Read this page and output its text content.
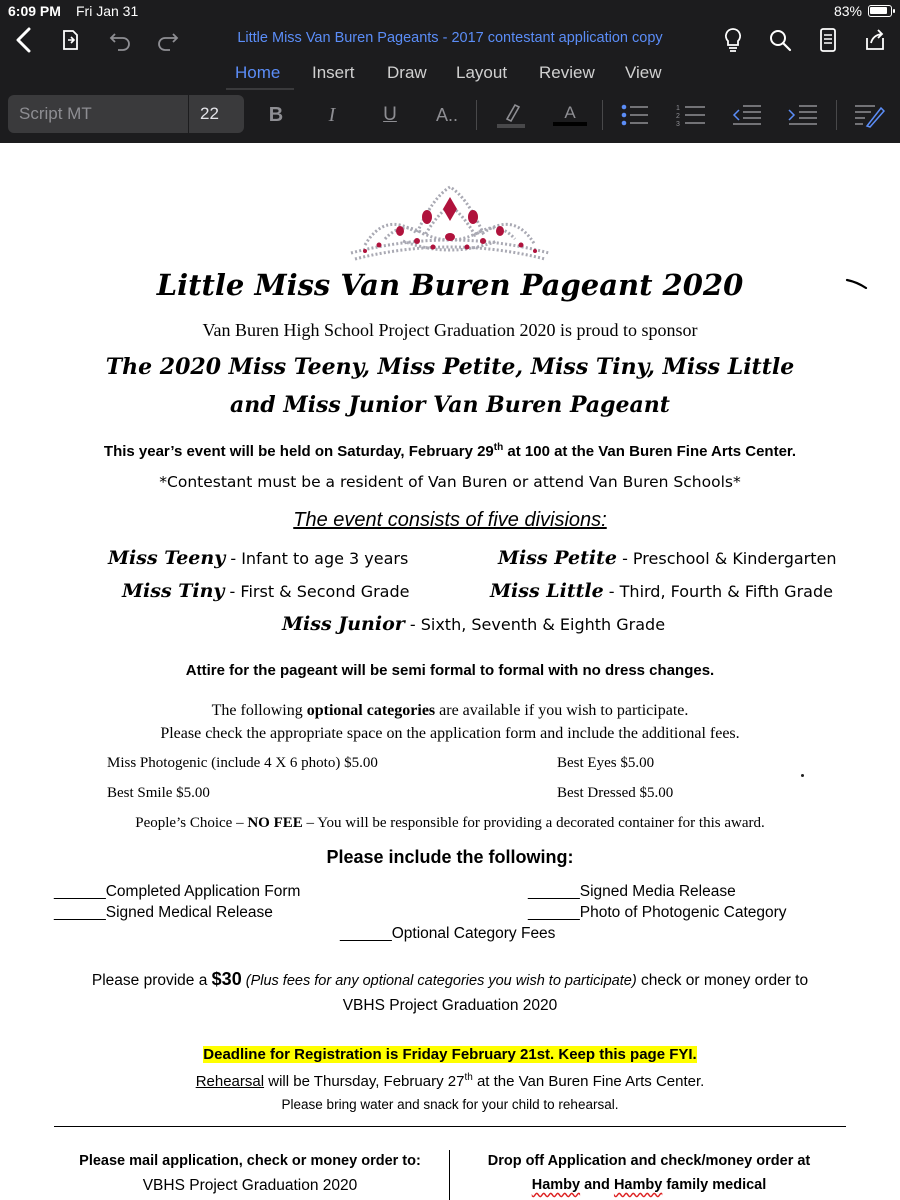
6:09 PM Fri Jan 31	83%
Little Miss Van Buren Pageants - 2017 contestant application copy
Home Insert Draw Layout Review View
Script MT	22 B	I	U A..	A	1
2
3
Little Miss Van Buren Pageant 2020
Van Buren High School Project Graduation 2020 is proud to sponsor
The 2020 Miss Teeny, Miss Petite, Miss Tiny, Miss Little
and Miss Junior Van Buren Pageant
This year’s event will be held on Saturday, February 29th at 100 at the Van Buren Fine Arts Center.
*Contestant must be a resident of Van Buren or attend Van Buren Schools*
The event consists of five divisions:
Miss Teeny - Infant to age 3 years	Miss Petite - Preschool & Kindergarten
Miss Tiny - First & Second Grade	Miss Little - Third, Fourth & Fifth Grade
Miss Junior - Sixth, Seventh & Eighth Grade
Attire for the pageant will be semi formal to formal with no dress changes.
The following optional categories are available if you wish to participate.
Please check the appropriate space on the application form and include the additional fees.
Miss Photogenic (include 4 X 6 photo) $5.00	Best Eyes $5.00
Best Smile $5.00	Best Dressed $5.00
People’s Choice – NO FEE – You will be responsible for providing a decorated container for this award.
Please include the following:
______Completed Application Form	______Signed Media Release
______Signed Medical Release	______Photo of Photogenic Category
______Optional Category Fees
Please provide a $30 (Plus fees for any optional categories you wish to participate) check or money order to
VBHS Project Graduation 2020
Deadline for Registration is Friday February 21st. Keep this page FYI.
Rehearsal will be Thursday, February 27th at the Van Buren Fine Arts Center.
Please bring water and snack for your child to rehearsal.
Please mail application, check or money order to:
VBHS Project Graduation 2020
Drop off Application and check/money order at
Hamby and Hamby family medical
